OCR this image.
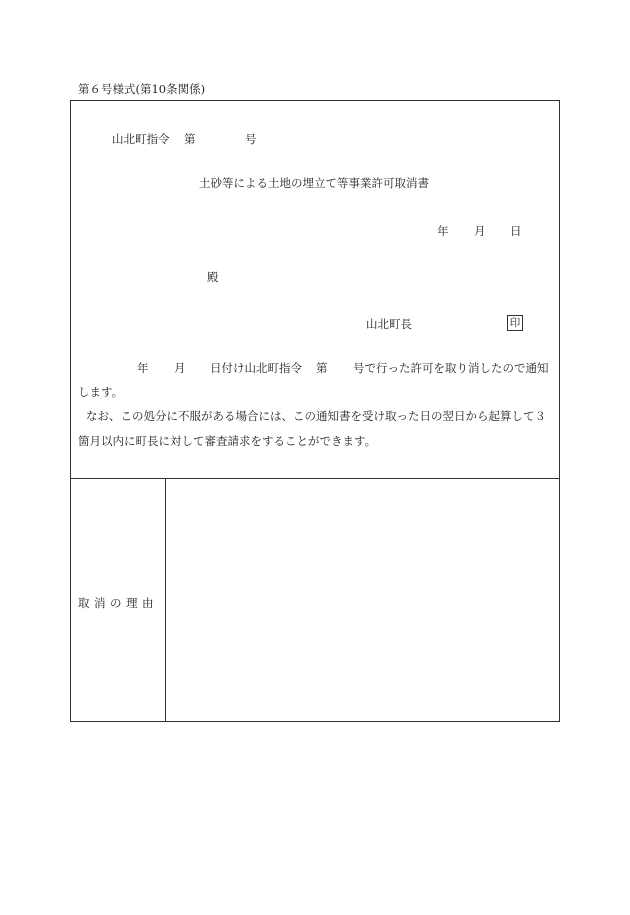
第６号様式(第10条関係)
山北町指令 第	号
土砂等による土地の埋立て等事業許可取消書
年 月 日
殿
山北町長	印
年 月 日付け山北町指令 第 号で行った許可を取り消したので通知
します。
なお、この処分に不服がある場合には、この通知書を受け取った日の翌日から起算して３
箇月以内に町長に対して審査請求をすることができます。
取消の理由
